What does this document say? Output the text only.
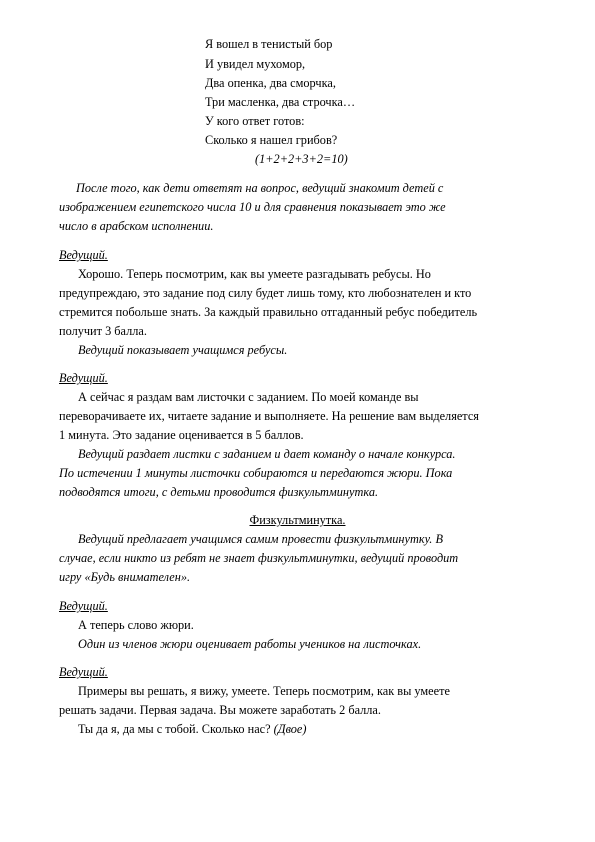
Я вошел в тенистый бор
И увидел мухомор,
Два опенка, два сморчка,
Три масленка, два строчка…
У кого ответ готов:
Сколько я нашел грибов?
(1+2+2+3+2=10)
После того, как дети ответят на вопрос, ведущий знакомит детей с
изображением египетского числа 10 и для сравнения показывает это же
число в арабском исполнении.
Ведущий.
Хорошо. Теперь посмотрим, как вы умеете разгадывать ребусы. Но
предупреждаю, это задание под силу будет лишь тому, кто любознателен и кто
стремится побольше знать. За каждый правильно отгаданный ребус победитель
получит 3 балла.
Ведущий показывает учащимся ребусы.
Ведущий.
А сейчас я раздам вам листочки с заданием. По моей команде вы
переворачиваете их, читаете задание и выполняете. На решение вам выделяется
1 минута. Это задание оценивается в 5 баллов.
Ведущий раздает листки с заданием и дает команду о начале конкурса.
По истечении 1 минуты листочки собираются и передаются жюри. Пока
подводятся итоги, с детьми проводится физкультминутка.
Физкультминутка.
Ведущий предлагает учащимся самим провести физкультминутку. В
случае, если никто из ребят не знает физкультминутки, ведущий проводит
игру «Будь внимателен».
Ведущий.
А теперь слово жюри.
Один из членов жюри оценивает работы учеников на листочках.
Ведущий.
Примеры вы решать, я вижу, умеете. Теперь посмотрим, как вы умеете
решать задачи. Первая задача. Вы можете заработать 2 балла.
Ты да я, да мы с тобой. Сколько нас? (Двое)
